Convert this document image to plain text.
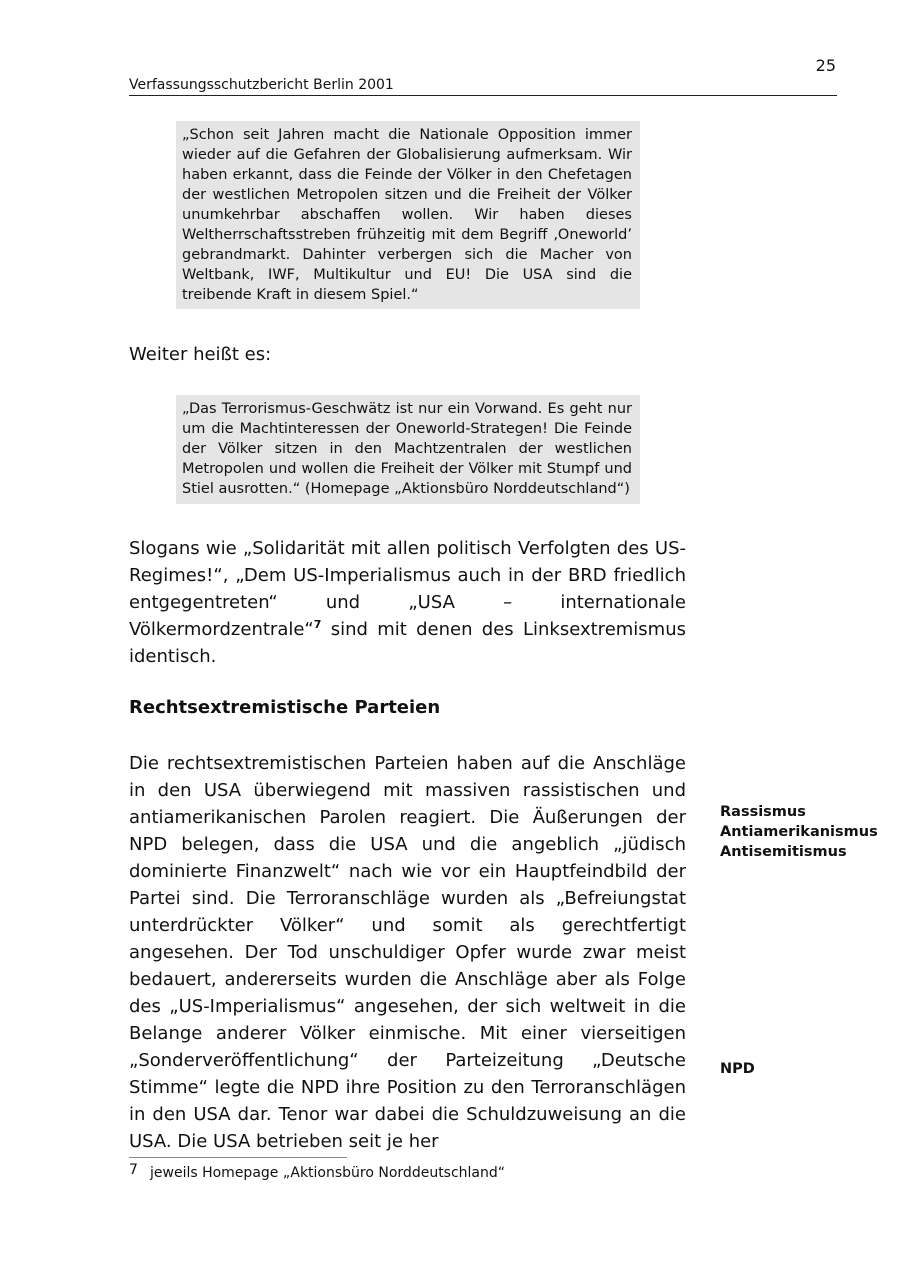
25
Verfassungsschutzbericht Berlin 2001
„Schon seit Jahren macht die Nationale Opposition immer wieder auf die Gefahren der Globalisierung aufmerksam. Wir haben erkannt, dass die Feinde der Völker in den Chefetagen der westlichen Metropolen sitzen und die Freiheit der Völker unumkehrbar abschaffen wollen. Wir haben dieses Weltherrschaftsstreben frühzeitig mit dem Begriff ‚Oneworld’ gebrandmarkt. Dahinter verbergen sich die Macher von Weltbank, IWF, Multikultur und EU! Die USA sind die treibende Kraft in diesem Spiel.“

Weiter heißt es:

„Das Terrorismus-Geschwätz ist nur ein Vorwand. Es geht nur um die Machtinteressen der Oneworld-Strategen! Die Feinde der Völker sitzen in den Machtzentralen der westlichen Metropolen und wollen die Freiheit der Völker mit Stumpf und Stiel ausrotten.“ (Homepage „Aktionsbüro Norddeutschland“)

Slogans wie „Solidarität mit allen politisch Verfolgten des US-Regimes!“, „Dem US-Imperialismus auch in der BRD friedlich entgegentreten“ und „USA – internationale Völkermordzentrale“$^7$ sind mit denen des Linksextremismus identisch.

Rechtsextremistische Parteien

Die rechtsextremistischen Parteien haben auf die Anschläge in den USA überwiegend mit massiven rassistischen und antiamerikanischen Parolen reagiert. Die Äußerungen der NPD belegen, dass die USA und die angeblich „jüdisch dominierte Finanzwelt“ nach wie vor ein Hauptfeindbild der Partei sind. Die Terroranschläge wurden als „Befreiungstat unterdrückter Völker“ und somit als gerechtfertigt angesehen. Der Tod unschuldiger Opfer wurde zwar meist bedauert, andererseits wurden die Anschläge aber als Folge des „US-Imperialismus“ angesehen, der sich weltweit in die Belange anderer Völker einmische. Mit einer vierseitigen „Sonderveröffentlichung“ der Parteizeitung „Deutsche Stimme“ legte die NPD ihre Position zu den Terroranschlägen in den USA dar. Tenor war dabei die Schuldzuweisung an die USA. Die USA betrieben seit je her

Rassismus
Antiamerikanismus
Antisemitismus
NPD
7 jeweils Homepage „Aktionsbüro Norddeutschland“
